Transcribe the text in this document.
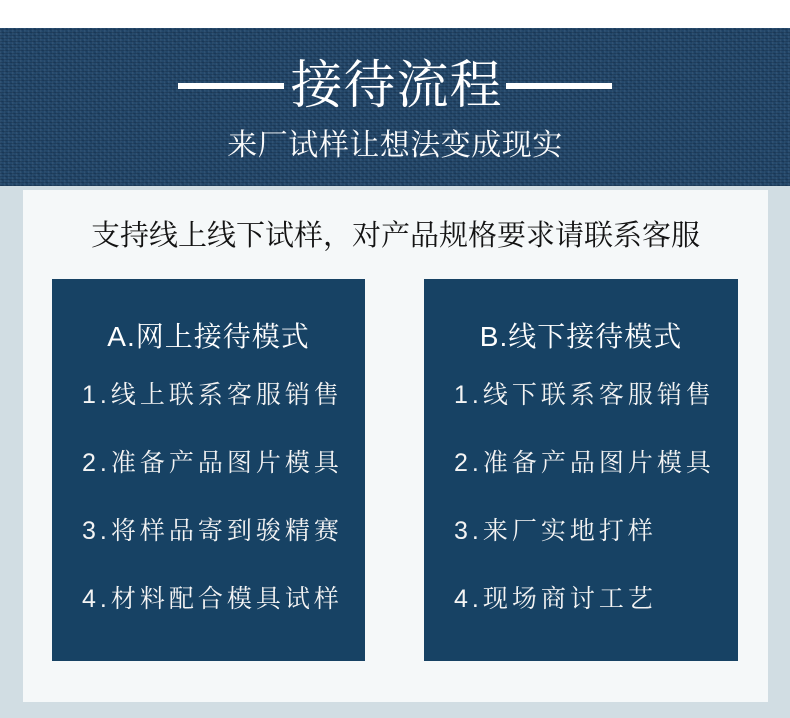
接待流程
来厂试样让想法变成现实
支持线上线下试样，对产品规格要求请联系客服
A.网上接待模式
1.线上联系客服销售
2.准备产品图片模具
3.将样品寄到骏精赛
4.材料配合模具试样
B.线下接待模式
1.线下联系客服销售
2.准备产品图片模具
3.来厂实地打样
4.现场商讨工艺
